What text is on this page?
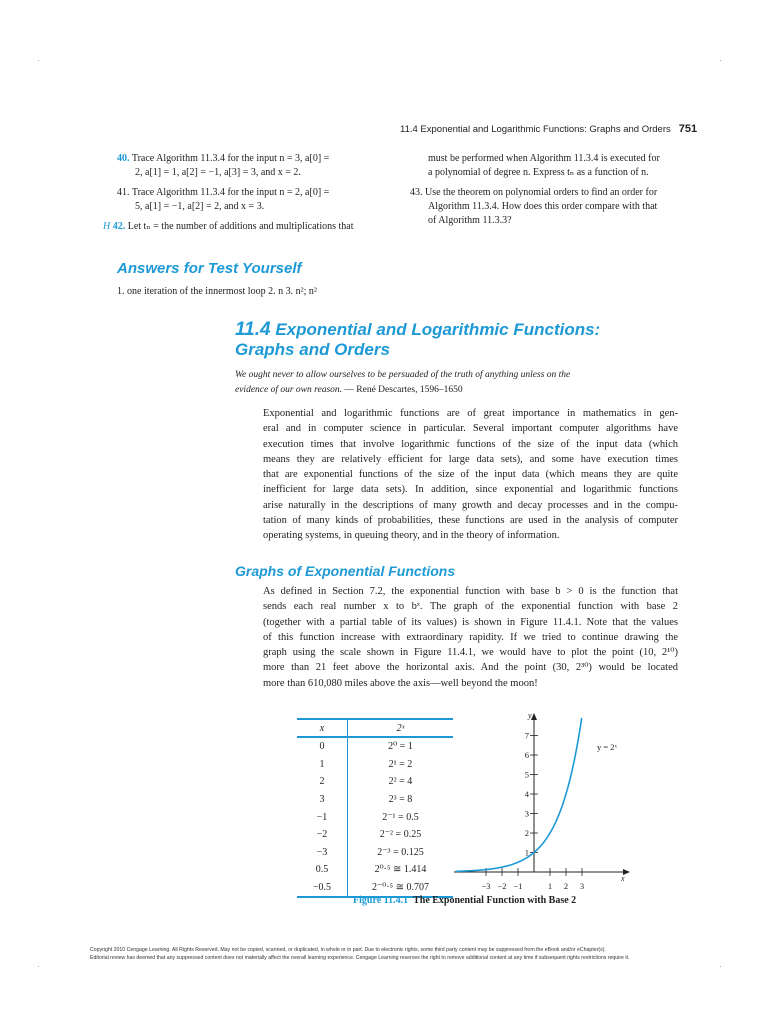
11.4 Exponential and Logarithmic Functions: Graphs and Orders 751
40. Trace Algorithm 11.3.4 for the input n = 3, a[0] =
2, a[1] = 1, a[2] = −1, a[3] = 3, and x = 2.
41. Trace Algorithm 11.3.4 for the input n = 2, a[0] =
5, a[1] = −1, a[2] = 2, and x = 3.
H 42. Let tₙ = the number of additions and multiplications that
must be performed when Algorithm 11.3.4 is executed for
a polynomial of degree n. Express tₙ as a function of n.
43. Use the theorem on polynomial orders to find an order for
Algorithm 11.3.4. How does this order compare with that
of Algorithm 11.3.3?
Answers for Test Yourself
1. one iteration of the innermost loop 2. n 3. n²; n²
11.4 Exponential and Logarithmic Functions:
Graphs and Orders
We ought never to allow ourselves to be persuaded of the truth of anything unless on the
evidence of our own reason. — René Descartes, 1596–1650
Exponential and logarithmic functions are of great importance in mathematics in gen-
eral and in computer science in particular. Several important computer algorithms have
execution times that involve logarithmic functions of the size of the input data (which
means they are relatively efficient for large data sets), and some have execution times
that are exponential functions of the size of the input data (which means they are quite
inefficient for large data sets). In addition, since exponential and logarithmic functions
arise naturally in the descriptions of many growth and decay processes and in the compu-
tation of many kinds of probabilities, these functions are used in the analysis of computer
operating systems, in queuing theory, and in the theory of information.
Graphs of Exponential Functions
As defined in Section 7.2, the exponential function with base b > 0 is the function that
sends each real number x to bˣ. The graph of the exponential function with base 2
(together with a partial table of its values) is shown in Figure 11.4.1. Note that the values
of this function increase with extraordinary rapidity. If we tried to continue drawing the
graph using the scale shown in Figure 11.4.1, we would have to plot the point (10, 2¹⁰)
more than 21 feet above the horizontal axis. And the point (30, 2³⁰) would be located
more than 610,080 miles above the axis—well beyond the moon!
x	2ˣ
0	2⁰ = 1
1	2¹ = 2
2	2² = 4
3	2³ = 8
−1	2⁻¹ = 0.5
−2	2⁻² = 0.25
−3	2⁻³ = 0.125
0.5	2⁰·⁵ ≅ 1.414
−0.5	2⁻⁰·⁵ ≅ 0.707
y
x
−3 −2 −1	1 2 3
1
2
3
4
5
6
7
y = 2ˣ
Figure 11.4.1 The Exponential Function with Base 2
Copyright 2010 Cengage Learning. All Rights Reserved. May not be copied, scanned, or duplicated, in whole or in part. Due to electronic rights, some third party content may be suppressed from the eBook and/or eChapter(s).
Editorial review has deemed that any suppressed content does not materially affect the overall learning experience. Cengage Learning reserves the right to remove additional content at any time if subsequent rights restrictions require it.
